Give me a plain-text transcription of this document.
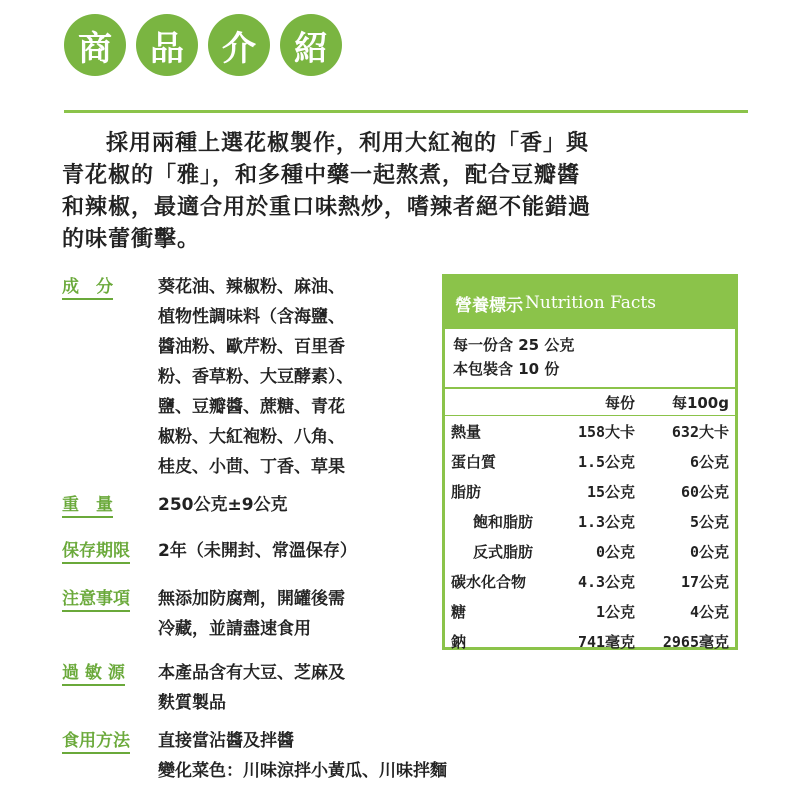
商	品	介	紹

採用兩種上選花椒製作，利用大紅袍的「香」與
青花椒的「雅」，和多種中藥一起熬煮，配合豆瓣醬
和辣椒，最適合用於重口味熱炒，嗜辣者絕不能錯過
的味蕾衝擊。

成　分	葵花油、辣椒粉、麻油、
植物性調味料（含海鹽、
醬油粉、歐芹粉、百里香
粉、香草粉、大豆酵素）、
鹽、豆瓣醬、蔗糖、青花
椒粉、大紅袍粉、八角、
桂皮、小茴、丁香、草果
重　量	250公克±9公克
保存期限	2年（未開封、常溫保存）
注意事項	無添加防腐劑，開罐後需
冷藏，並請盡速食用
過 敏 源	本產品含有大豆、芝麻及
麩質製品
食用方法	直接當沾醬及拌醬
變化菜色：川味涼拌小黃瓜、川味拌麵
營養標示 Nutrition Facts
每一份含 25 公克
本包裝含 10 份
	每份	每100g
熱量	158大卡	632大卡
蛋白質	1.5公克	6公克
脂肪	15公克	60公克
飽和脂肪	1.3公克	5公克
反式脂肪	0公克	0公克
碳水化合物	4.3公克	17公克
糖	1公克	4公克
鈉	741毫克	2965毫克
